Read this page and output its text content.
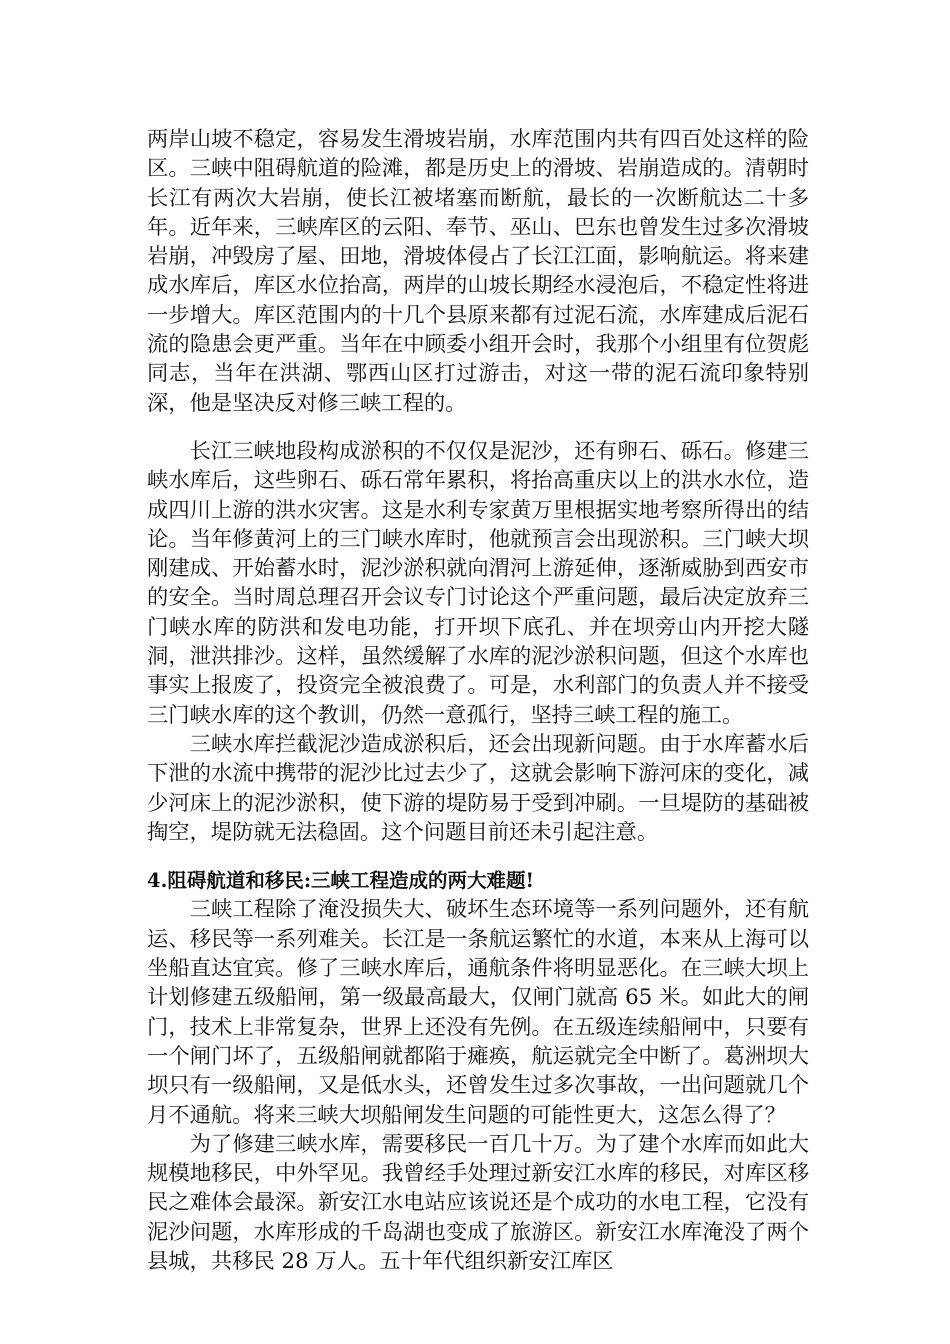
两岸山坡不稳定，容易发生滑坡岩崩，水库范围内共有四百处这样的险区。三峡中阻碍航道的险滩，都是历史上的滑坡、岩崩造成的。清朝时长江有两次大岩崩，使长江被堵塞而断航，最长的一次断航达二十多年。近年来，三峡库区的云阳、奉节、巫山、巴东也曾发生过多次滑坡岩崩，冲毁房了屋、田地，滑坡体侵占了长江江面，影响航运。将来建成水库后，库区水位抬高，两岸的山坡长期经水浸泡后，不稳定性将进一步增大。库区范围内的十几个县原来都有过泥石流，水库建成后泥石流的隐患会更严重。当年在中顾委小组开会时，我那个小组里有位贺彪同志，当年在洪湖、鄂西山区打过游击，对这一带的泥石流印象特别深，他是坚决反对修三峡工程的。

长江三峡地段构成淤积的不仅仅是泥沙，还有卵石、砾石。修建三峡水库后，这些卵石、砾石常年累积，将抬高重庆以上的洪水水位，造成四川上游的洪水灾害。这是水利专家黄万里根据实地考察所得出的结论。当年修黄河上的三门峡水库时，他就预言会出现淤积。三门峡大坝刚建成、开始蓄水时，泥沙淤积就向渭河上游延伸，逐渐威胁到西安市的安全。当时周总理召开会议专门讨论这个严重问题，最后决定放弃三门峡水库的防洪和发电功能，打开坝下底孔、并在坝旁山内开挖大隧洞，泄洪排沙。这样，虽然缓解了水库的泥沙淤积问题，但这个水库也事实上报废了，投资完全被浪费了。可是，水利部门的负责人并不接受三门峡水库的这个教训，仍然一意孤行，坚持三峡工程的施工。

三峡水库拦截泥沙造成淤积后，还会出现新问题。由于水库蓄水后下泄的水流中携带的泥沙比过去少了，这就会影响下游河床的变化，减少河床上的泥沙淤积，使下游的堤防易于受到冲刷。一旦堤防的基础被掏空，堤防就无法稳固。这个问题目前还未引起注意。

4.阻碍航道和移民:三峡工程造成的两大难题!

三峡工程除了淹没损失大、破坏生态环境等一系列问题外，还有航运、移民等一系列难关。长江是一条航运繁忙的水道，本来从上海可以坐船直达宜宾。修了三峡水库后，通航条件将明显恶化。在三峡大坝上计划修建五级船闸，第一级最高最大，仅闸门就高 65 米。如此大的闸门，技术上非常复杂，世界上还没有先例。在五级连续船闸中，只要有一个闸门坏了，五级船闸就都陷于瘫痪，航运就完全中断了。葛洲坝大坝只有一级船闸，又是低水头，还曾发生过多次事故，一出问题就几个月不通航。将来三峡大坝船闸发生问题的可能性更大，这怎么得了？

为了修建三峡水库，需要移民一百几十万。为了建个水库而如此大规模地移民，中外罕见。我曾经手处理过新安江水库的移民，对库区移民之难体会最深。新安江水电站应该说还是个成功的水电工程，它没有泥沙问题，水库形成的千岛湖也变成了旅游区。新安江水库淹没了两个县城，共移民 28 万人。五十年代组织新安江库区
